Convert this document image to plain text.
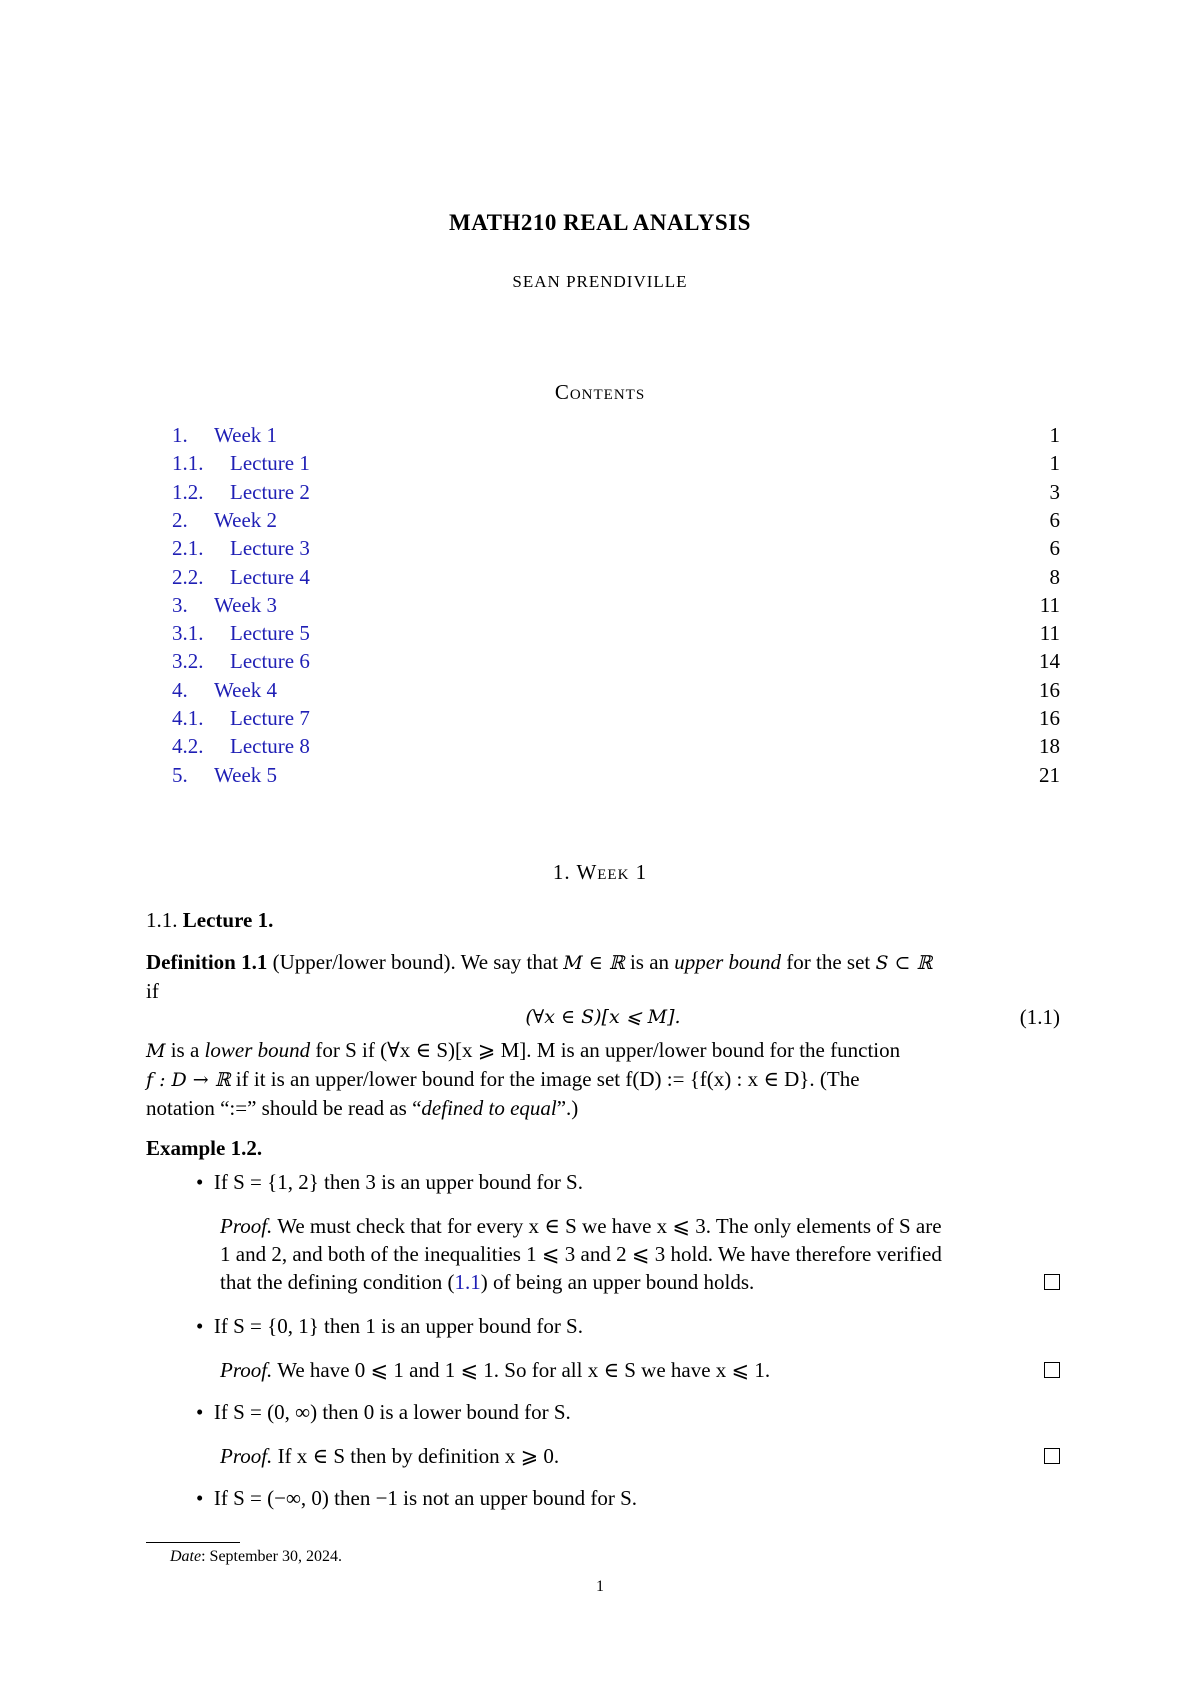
MATH210 REAL ANALYSIS
SEAN PRENDIVILLE
Contents
1. Week 1	1
1.1. Lecture 1	1
1.2. Lecture 2	3
2. Week 2	6
2.1. Lecture 3	6
2.2. Lecture 4	8
3. Week 3	11
3.1. Lecture 5	11
3.2. Lecture 6	14
4. Week 4	16
4.1. Lecture 7	16
4.2. Lecture 8	18
5. Week 5	21
1. Week 1
1.1. Lecture 1.
Definition 1.1 (Upper/lower bound). We say that M ∈ ℝ is an upper bound for the set S ⊂ ℝ
if
(∀x ∈ S)[x ⩽ M].	(1.1)
M is a lower bound for S if (∀x ∈ S)[x ⩾ M]. M is an upper/lower bound for the function
f : D → ℝ if it is an upper/lower bound for the image set f(D) := {f(x) : x ∈ D}. (The
notation “:=” should be read as “defined to equal”.)
Example 1.2.
•  If S = {1, 2} then 3 is an upper bound for S.
Proof. We must check that for every x ∈ S we have x ⩽ 3. The only elements of S are
1 and 2, and both of the inequalities 1 ⩽ 3 and 2 ⩽ 3 hold. We have therefore verified
that the defining condition (1.1) of being an upper bound holds.
•  If S = {0, 1} then 1 is an upper bound for S.
Proof. We have 0 ⩽ 1 and 1 ⩽ 1. So for all x ∈ S we have x ⩽ 1.
•  If S = (0, ∞) then 0 is a lower bound for S.
Proof. If x ∈ S then by definition x ⩾ 0.
•  If S = (−∞, 0) then −1 is not an upper bound for S.
Date: September 30, 2024.
1
